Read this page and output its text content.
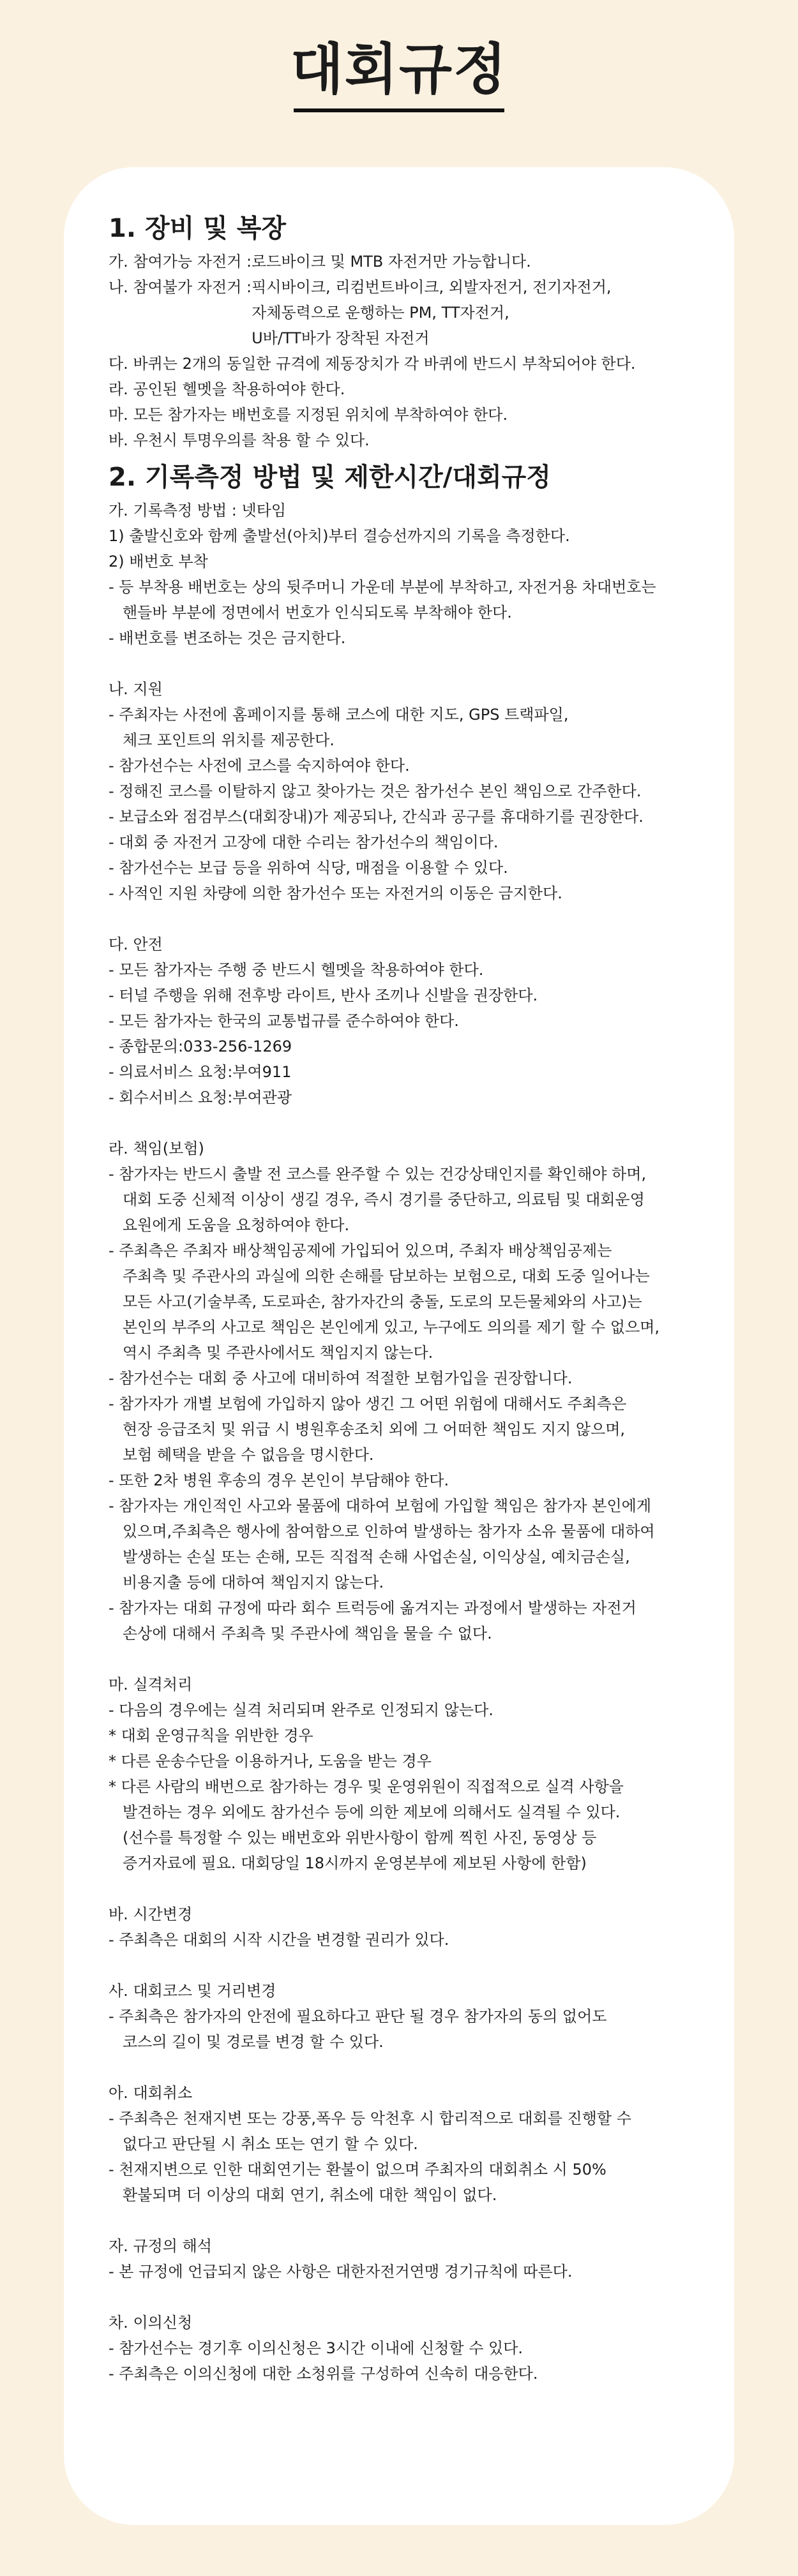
대회규정
1. 장비 및 복장
가. 참여가능 자전거 : 로드바이크 및 MTB 자전거만 가능합니다.
나. 참여불가 자전거 : 픽시바이크, 리컴번트바이크, 외발자전거, 전기자전거,
자체동력으로 운행하는 PM, TT자전거,
U바/TT바가 장착된 자전거
다. 바퀴는 2개의 동일한 규격에 제동장치가 각 바퀴에 반드시 부착되어야 한다.
라. 공인된 헬멧을 착용하여야 한다.
마. 모든 참가자는 배번호를 지정된 위치에 부착하여야 한다.
바. 우천시 투명우의를 착용 할 수 있다.
2. 기록측정 방법 및 제한시간/대회규정
가. 기록측정 방법 : 넷타임
1) 출발신호와 함께 출발선(아치)부터 결승선까지의 기록을 측정한다.
2) 배번호 부착
- 등 부착용 배번호는 상의 뒷주머니 가운데 부분에 부착하고, 자전거용 차대번호는
핸들바 부분에 정면에서 번호가 인식되도록 부착해야 한다.
- 배번호를 변조하는 것은 금지한다.
나. 지원
- 주최자는 사전에 홈페이지를 통해 코스에 대한 지도, GPS 트랙파일,
체크 포인트의 위치를 제공한다.
- 참가선수는 사전에 코스를 숙지하여야 한다.
- 정해진 코스를 이탈하지 않고 찾아가는 것은 참가선수 본인 책임으로 간주한다.
- 보급소와 점검부스(대회장내)가 제공되나, 간식과 공구를 휴대하기를 권장한다.
- 대회 중 자전거 고장에 대한 수리는 참가선수의 책임이다.
- 참가선수는 보급 등을 위하여 식당, 매점을 이용할 수 있다.
- 사적인 지원 차량에 의한 참가선수 또는 자전거의 이동은 금지한다.
다. 안전
- 모든 참가자는 주행 중 반드시 헬멧을 착용하여야 한다.
- 터널 주행을 위해 전후방 라이트, 반사 조끼나 신발을 권장한다.
- 모든 참가자는 한국의 교통법규를 준수하여야 한다.
- 종합문의:033-256-1269
- 의료서비스 요청:부여911
- 회수서비스 요청:부여관광
라. 책임(보험)
- 참가자는 반드시 출발 전 코스를 완주할 수 있는 건강상태인지를 확인해야 하며,
대회 도중 신체적 이상이 생길 경우, 즉시 경기를 중단하고, 의료팀 및 대회운영
요원에게 도움을 요청하여야 한다.
- 주최측은 주최자 배상책임공제에 가입되어 있으며, 주최자 배상책임공제는
주최측 및 주관사의 과실에 의한 손해를 담보하는 보험으로, 대회 도중 일어나는
모든 사고(기술부족, 도로파손, 참가자간의 충돌, 도로의 모든물체와의 사고)는
본인의 부주의 사고로 책임은 본인에게 있고, 누구에도 의의를 제기 할 수 없으며,
역시 주최측 및 주관사에서도 책임지지 않는다.
- 참가선수는 대회 중 사고에 대비하여 적절한 보험가입을 권장합니다.
- 참가자가 개별 보험에 가입하지 않아 생긴 그 어떤 위험에 대해서도 주최측은
현장 응급조치 및 위급 시 병원후송조치 외에 그 어떠한 책임도 지지 않으며,
보험 혜택을 받을 수 없음을 명시한다.
- 또한 2차 병원 후송의 경우 본인이 부담해야 한다.
- 참가자는 개인적인 사고와 물품에 대하여 보험에 가입할 책임은 참가자 본인에게
있으며,주최측은 행사에 참여함으로 인하여 발생하는 참가자 소유 물품에 대하여
발생하는 손실 또는 손해, 모든 직접적 손해 사업손실, 이익상실, 예치금손실,
비용지출 등에 대하여 책임지지 않는다.
- 참가자는 대회 규정에 따라 회수 트럭등에 옮겨지는 과정에서 발생하는 자전거
손상에 대해서 주최측 및 주관사에 책임을 물을 수 없다.
마. 실격처리
- 다음의 경우에는 실격 처리되며 완주로 인정되지 않는다.
* 대회 운영규칙을 위반한 경우
* 다른 운송수단을 이용하거나, 도움을 받는 경우
* 다른 사람의 배번으로 참가하는 경우 및 운영위원이 직접적으로 실격 사항을
발견하는 경우 외에도 참가선수 등에 의한 제보에 의해서도 실격될 수 있다.
(선수를 특정할 수 있는 배번호와 위반사항이 함께 찍힌 사진, 동영상 등
증거자료에 필요. 대회당일 18시까지 운영본부에 제보된 사항에 한함)
바. 시간변경
- 주최측은 대회의 시작 시간을 변경할 권리가 있다.
사. 대회코스 및 거리변경
- 주최측은 참가자의 안전에 필요하다고 판단 될 경우 참가자의 동의 없어도
코스의 길이 및 경로를 변경 할 수 있다.
아. 대회취소
- 주최측은 천재지변 또는 강풍,폭우 등 악천후 시 합리적으로 대회를 진행할 수
없다고 판단될 시 취소 또는 연기 할 수 있다.
- 천재지변으로 인한 대회연기는 환불이 없으며 주최자의 대회취소 시 50%
환불되며 더 이상의 대회 연기, 취소에 대한 책임이 없다.
자. 규정의 해석
- 본 규정에 언급되지 않은 사항은 대한자전거연맹 경기규칙에 따른다.
차. 이의신청
- 참가선수는 경기후 이의신청은 3시간 이내에 신청할 수 있다.
- 주최측은 이의신청에 대한 소청위를 구성하여 신속히 대응한다.
